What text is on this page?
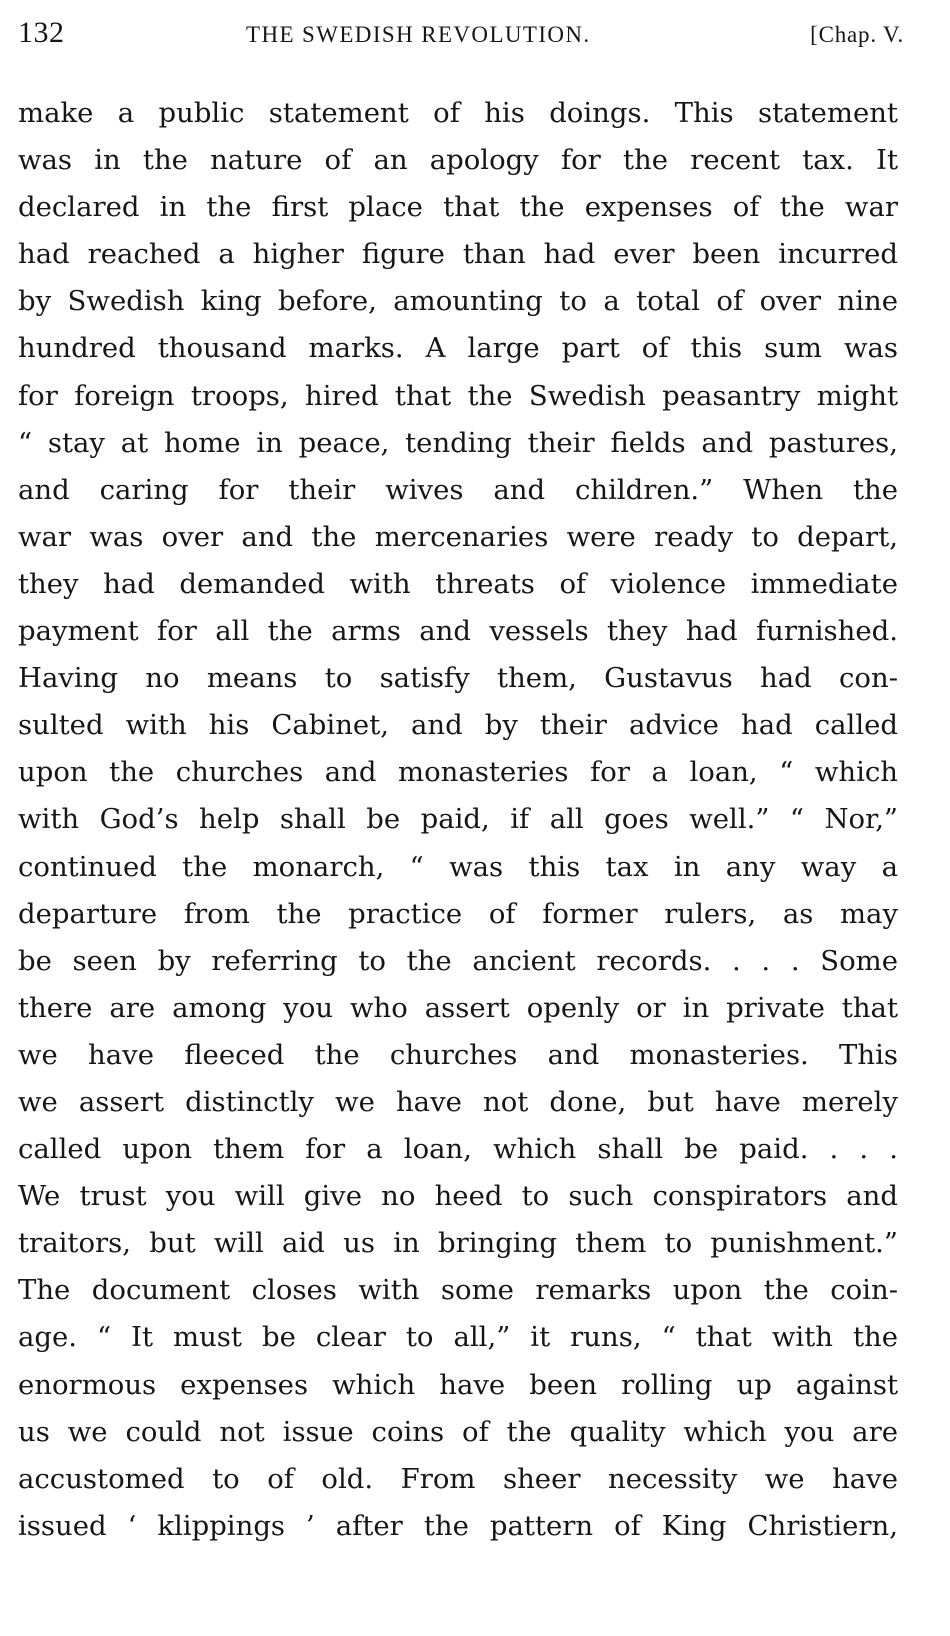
132	THE SWEDISH REVOLUTION.	[Chap. V.
make a public statement of his doings. This statement
was in the nature of an apology for the recent tax. It
declared in the first place that the expenses of the war
had reached a higher figure than had ever been incurred
by Swedish king before, amounting to a total of over nine
hundred thousand marks. A large part of this sum was
for foreign troops, hired that the Swedish peasantry might
“ stay at home in peace, tending their fields and pastures,
and caring for their wives and children.” When the
war was over and the mercenaries were ready to depart,
they had demanded with threats of violence immediate
payment for all the arms and vessels they had furnished.
Having no means to satisfy them, Gustavus had con-
sulted with his Cabinet, and by their advice had called
upon the churches and monasteries for a loan, “ which
with God’s help shall be paid, if all goes well.” “ Nor,”
continued the monarch, “ was this tax in any way a
departure from the practice of former rulers, as may
be seen by referring to the ancient records. . . . Some
there are among you who assert openly or in private that
we have fleeced the churches and monasteries. This
we assert distinctly we have not done, but have merely
called upon them for a loan, which shall be paid. . . .
We trust you will give no heed to such conspirators and
traitors, but will aid us in bringing them to punishment.”
The document closes with some remarks upon the coin-
age. “ It must be clear to all,” it runs, “ that with the
enormous expenses which have been rolling up against
us we could not issue coins of the quality which you are
accustomed to of old. From sheer necessity we have
issued ‘ klippings ’ after the pattern of King Christiern,
